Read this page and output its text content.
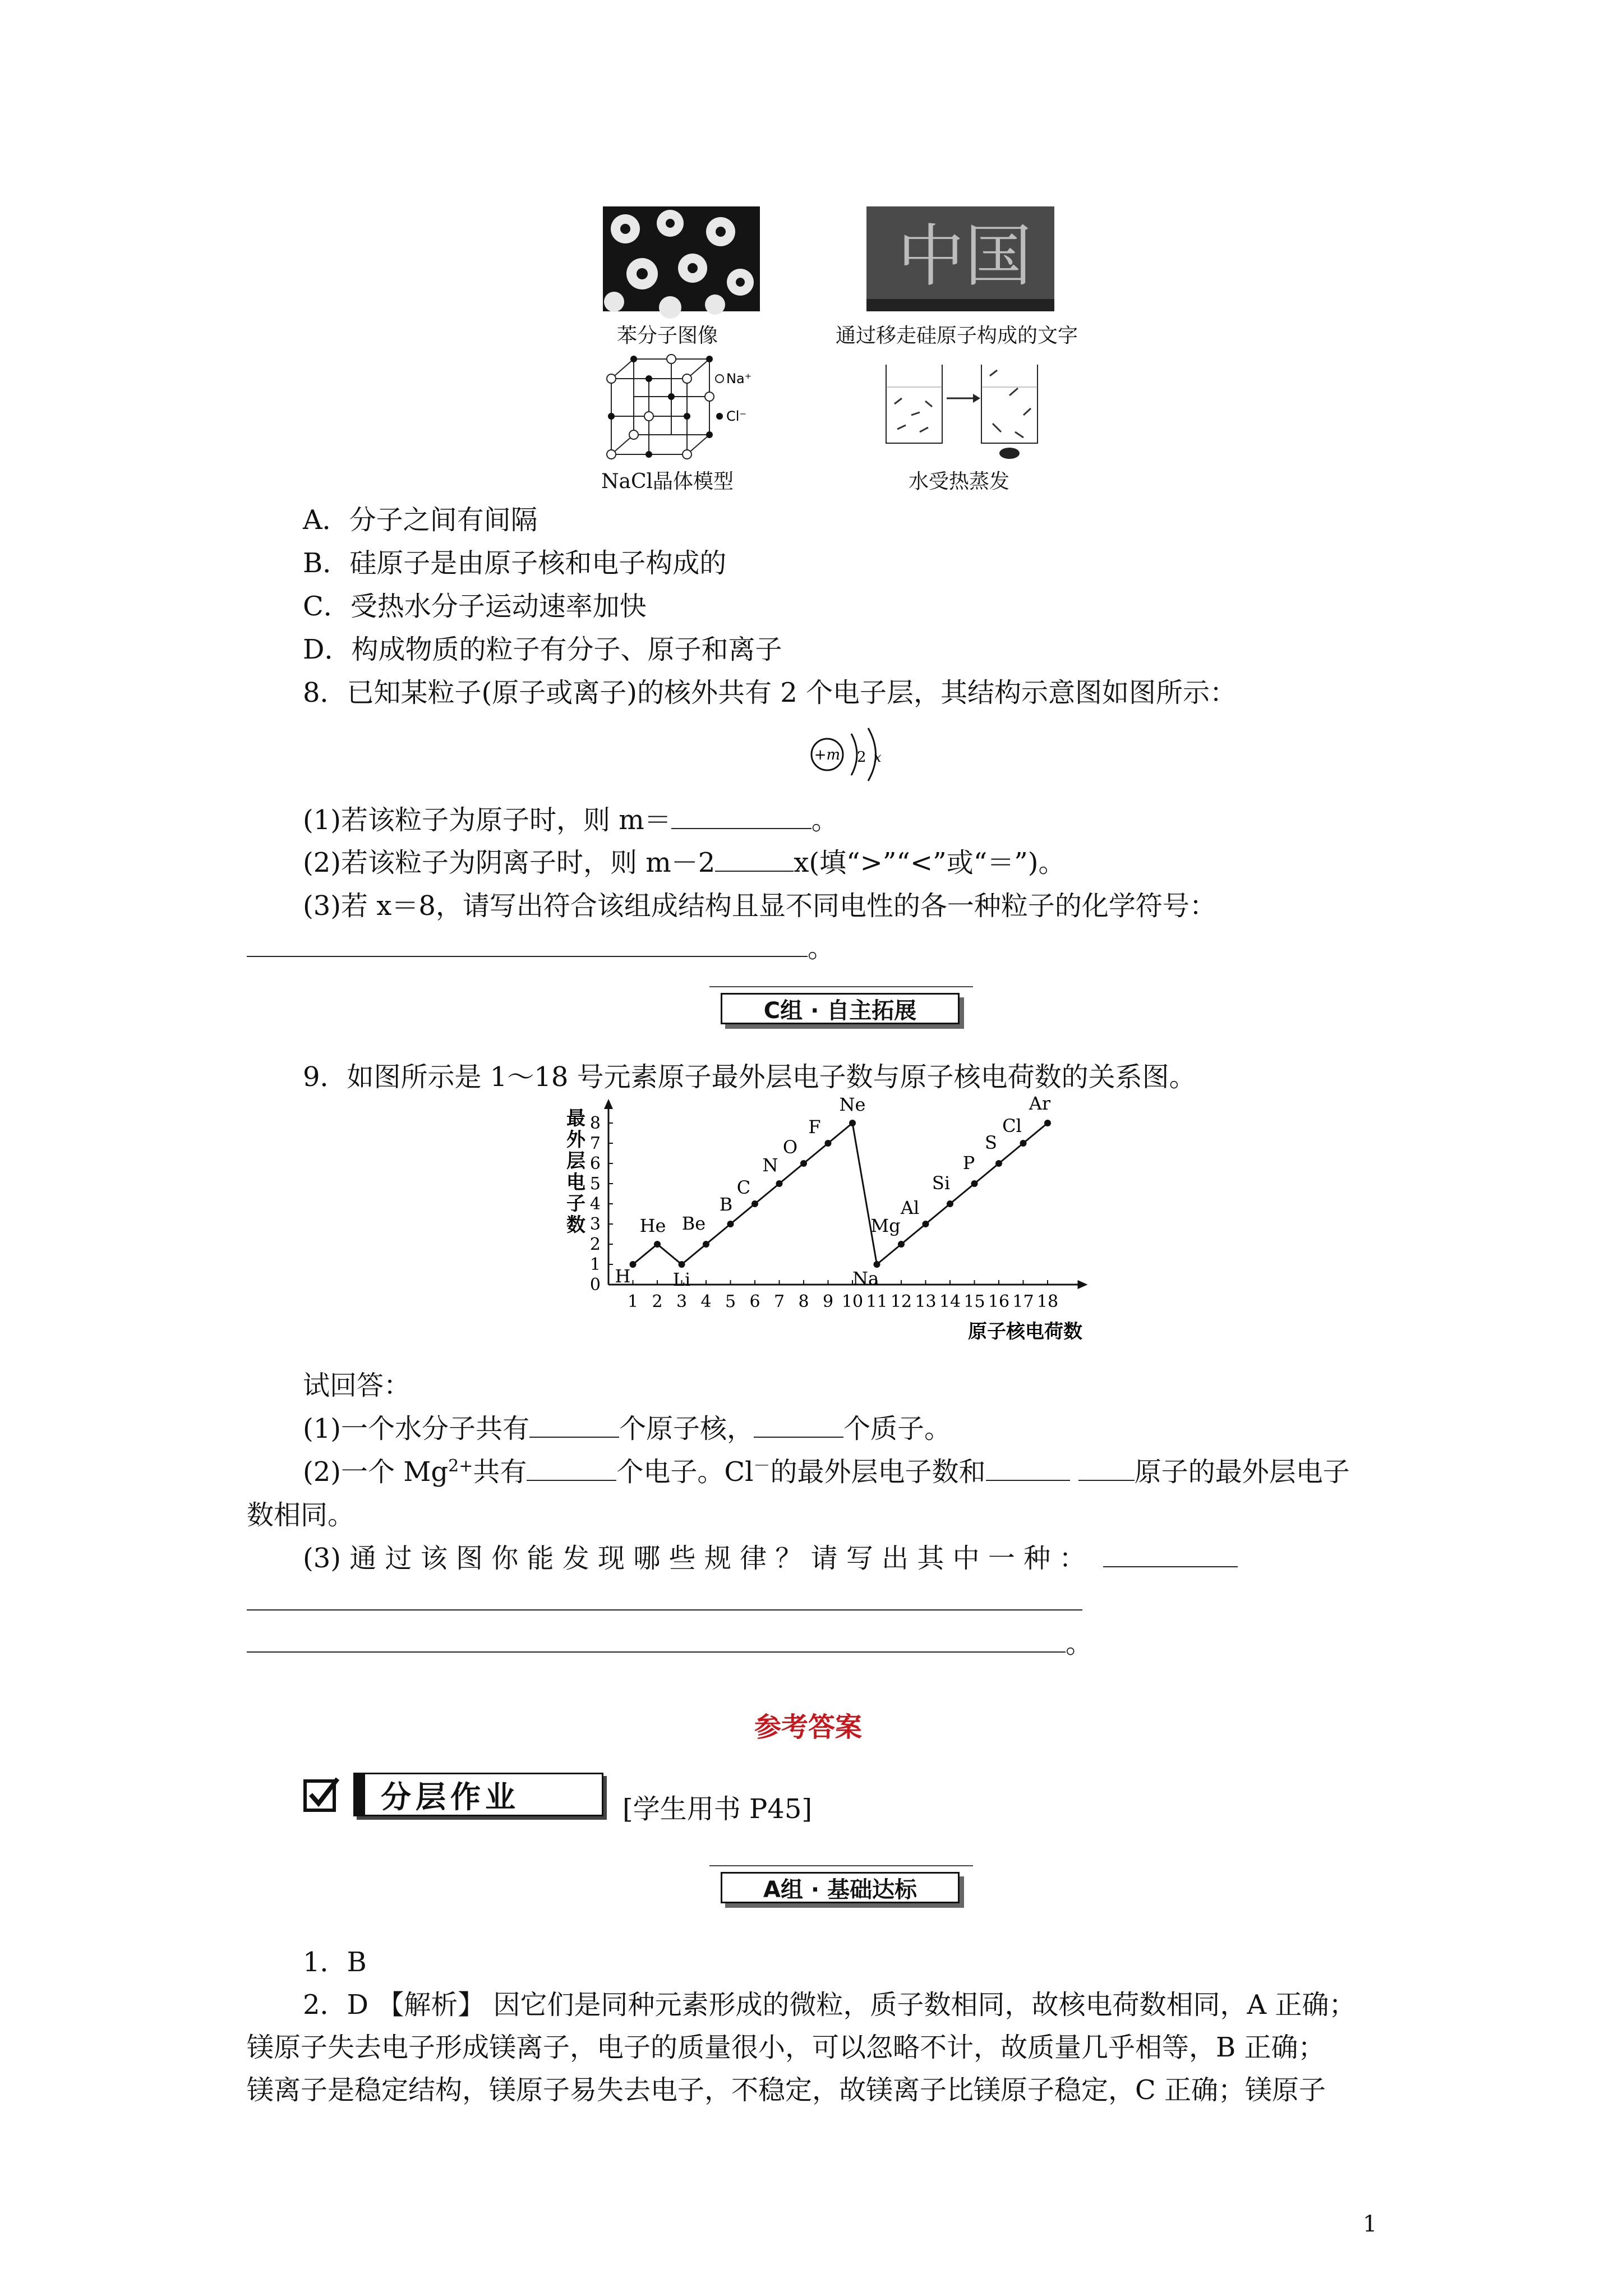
苯分子图像
中国
通过移走硅原子构成的文字
Na⁺
Cl⁻
NaCl晶体模型	水受热蒸发
A．分子之间有间隔
B．硅原子是由原子核和电子构成的
C．受热水分子运动速率加快
D．构成物质的粒子有分子、原子和离子
8．已知某粒子(原子或离子)的核外共有 2 个电子层，其结构示意图如图所示：
+m 2 x
(1)若该粒子为原子时，则 m＝	。
(2)若该粒子为阴离子时，则 m－2	x(填“>”“<”或“＝”)。
(3)若 x＝8，请写出符合该组成结构且显不同电性的各一种粒子的化学符号：
。
C组 · 自主拓展
9．如图所示是 1～18 号元素原子最外层电子数与原子核电荷数的关系图。
最外层电子数
0
1
2
3
4
5
6
7
8
1 2 3 4 5 6 7 8 9 10 11 12 13 14 15 16 17 18
原子核电荷数
H
He
Li
Be
B
C
N
O
F
Ne
Na
Mg
Al
Si
P
S
Cl
Ar
试回答：
(1)一个水分子共有	个原子核，	个质子。
(2)一个 $Mg^{2+}$共有	个电子。Cl－的最外层电子数和	原子的最外层电子
数相同。
(3) 通 过 该 图 你 能 发 现 哪 些 规 律 ？ 请 写 出 其 中 一 种 ：
。
参考答案
分层作业	[学生用书 P45]
A组 · 基础达标
1．B
2．D 【解析】 因它们是同种元素形成的微粒，质子数相同，故核电荷数相同，A 正确；
镁原子失去电子形成镁离子，电子的质量很小，可以忽略不计，故质量几乎相等，B 正确；
镁离子是稳定结构，镁原子易失去电子，不稳定，故镁离子比镁原子稳定，C 正确；镁原子
1
